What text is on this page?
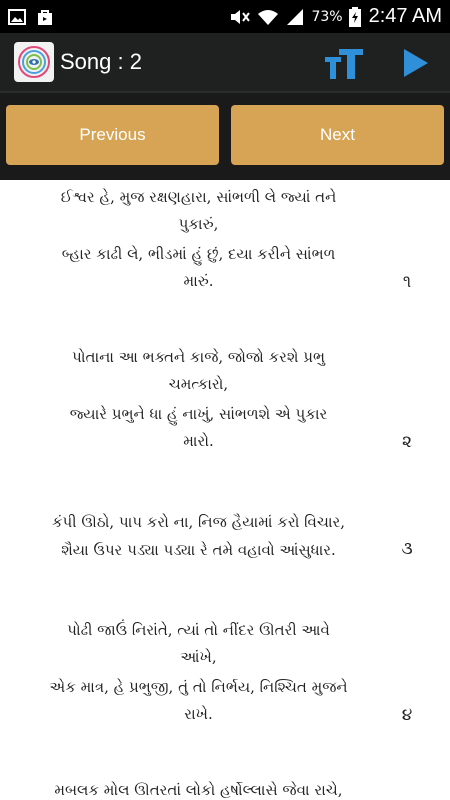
73% 2:47 AM
Song : 2
Previous	Next
ઈશ્વર હે, મુજ રક્ષણહારા, સાંભળી લે જ્યાં તને
પુકારું,
બ્હાર કાઢી લે, ભીડમાં હું છું, દયા કરીને સાંભળ
મારું.	૧
પોતાના આ ભક્તને કાજે, જોજો કરશે પ્રભુ
ચમત્કારો,
જ્યારે પ્રભુને ધા હું નાખું, સાંભળશે એ પુકાર
મારો.	૨
કંપી ઊઠો, પાપ કરો ના, નિજ હૈયામાં કરો વિચાર,
શૈયા ઉપર પડ્યા પડ્યા રે તમે વહાવો આંસુધાર.	૩
પોઢી જાઉં નિરાંતે, ત્યાં તો નીંદર ઊતરી આવે
આંખે,
એક માત્ર, હે પ્રભુજી, તું તો નિર્ભય, નિશ્ચિત મુજને
રાખે.	૪
મબલક મોલ ઊતરતાં લોકો હર્ષોલ્લાસે જેવા રાચે,
